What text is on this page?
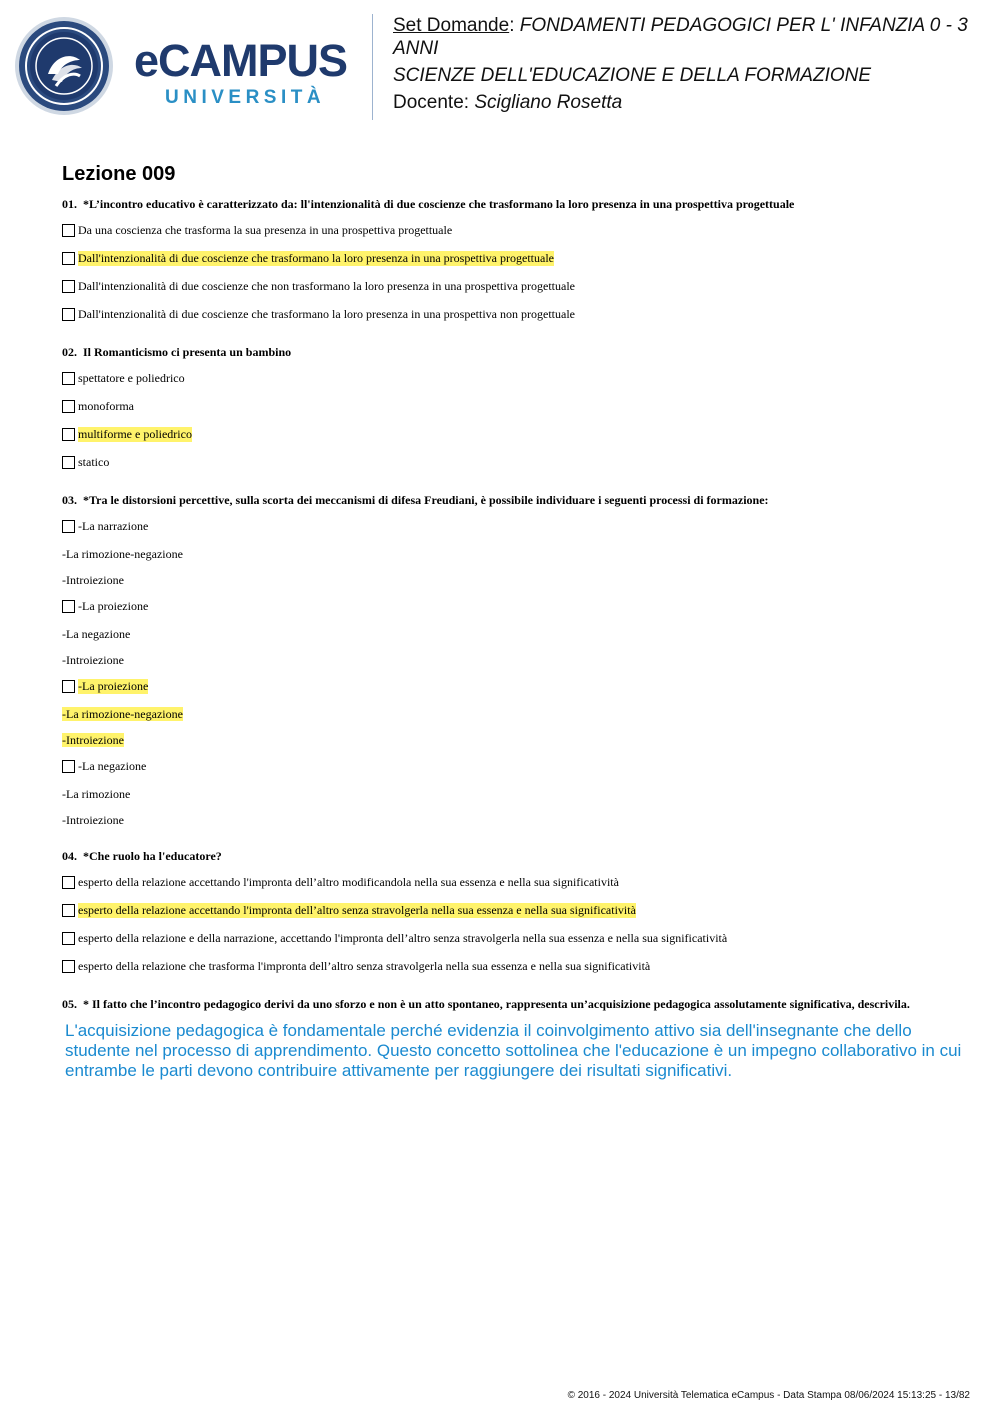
eCAMPUS
UNIVERSITÀ

Set Domande: FONDAMENTI PEDAGOGICI PER L' INFANZIA 0 - 3 ANNI

SCIENZE DELL'EDUCAZIONE E DELLA FORMAZIONE

Docente: Scigliano Rosetta

Lezione 009
01. *L’incontro educativo è caratterizzato da: ll'intenzionalità di due coscienze che trasformano la loro presenza in una prospettiva progettuale
Da una coscienza che trasforma la sua presenza in una prospettiva progettuale
Dall'intenzionalità di due coscienze che trasformano la loro presenza in una prospettiva progettuale
Dall'intenzionalità di due coscienze che non trasformano la loro presenza in una prospettiva progettuale
Dall'intenzionalità di due coscienze che trasformano la loro presenza in una prospettiva non progettuale
02. Il Romanticismo ci presenta un bambino
spettatore e poliedrico
monoforma
multiforme e poliedrico
statico
03. *Tra le distorsioni percettive, sulla scorta dei meccanismi di difesa Freudiani, è possibile individuare i seguenti processi di formazione:
-La narrazione
-La rimozione-negazione
-Introiezione
-La proiezione
-La negazione
-Introiezione
-La proiezione
-La rimozione-negazione
-Introiezione
-La negazione
-La rimozione
-Introiezione
04. *Che ruolo ha l'educatore?
esperto della relazione accettando l'impronta dell’altro modificandola nella sua essenza e nella sua significatività
esperto della relazione accettando l'impronta dell’altro senza stravolgerla nella sua essenza e nella sua significatività
esperto della relazione e della narrazione, accettando l'impronta dell’altro senza stravolgerla nella sua essenza e nella sua significatività
esperto della relazione che trasforma l'impronta dell’altro senza stravolgerla nella sua essenza e nella sua significatività
05. * Il fatto che l’incontro pedagogico derivi da uno sforzo e non è un atto spontaneo, rappresenta un’acquisizione pedagogica assolutamente significativa, descrivila.
L'acquisizione pedagogica è fondamentale perché evidenzia il coinvolgimento attivo sia dell'insegnante che dello studente nel processo di apprendimento. Questo concetto sottolinea che l'educazione è un impegno collaborativo in cui entrambe le parti devono contribuire attivamente per raggiungere dei risultati significativi.
© 2016 - 2024 Università Telematica eCampus - Data Stampa 08/06/2024 15:13:25 - 13/82
